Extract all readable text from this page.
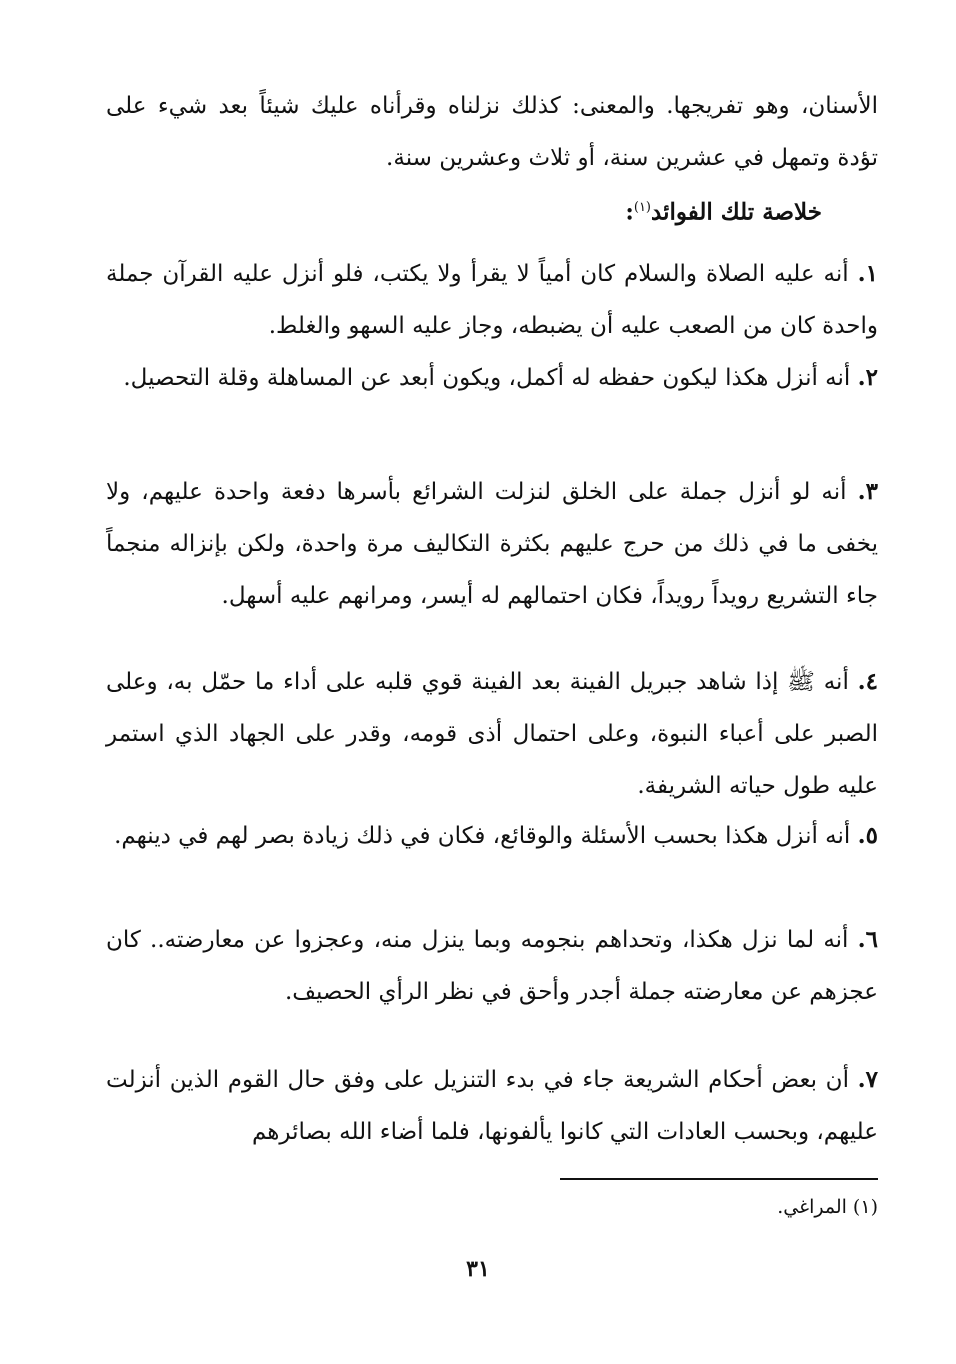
الأسنان، وهو تفريجها. والمعنى: كذلك نزلناه وقرأناه عليك شيئاً بعد شيء على تؤدة وتمهل في عشرين سنة، أو ثلاث وعشرين سنة.
خلاصة تلك الفوائد$^{(١)}$:
١. أنه عليه الصلاة والسلام كان أمياً لا يقرأ ولا يكتب، فلو أنزل عليه القرآن جملة واحدة كان من الصعب عليه أن يضبطه، وجاز عليه السهو والغلط.
٢. أنه أنزل هكذا ليكون حفظه له أكمل، ويكون أبعد عن المساهلة وقلة التحصيل.
٣. أنه لو أنزل جملة على الخلق لنزلت الشرائع بأسرها دفعة واحدة عليهم، ولا يخفى ما في ذلك من حرج عليهم بكثرة التكاليف مرة واحدة، ولكن بإنزاله منجماً جاء التشريع رويداً رويداً، فكان احتمالهم له أيسر، ومرانهم عليه أسهل.
٤. أنه ﷺ إذا شاهد جبريل الفينة بعد الفينة قوي قلبه على أداء ما حمّل به، وعلى الصبر على أعباء النبوة، وعلى احتمال أذى قومه، وقدر على الجهاد الذي استمر عليه طول حياته الشريفة.
٥. أنه أنزل هكذا بحسب الأسئلة والوقائع، فكان في ذلك زيادة بصر لهم في دينهم.
٦. أنه لما نزل هكذا، وتحداهم بنجومه وبما ينزل منه، وعجزوا عن معارضته.. كان عجزهم عن معارضته جملة أجدر وأحق في نظر الرأي الحصيف.
٧. أن بعض أحكام الشريعة جاء في بدء التنزيل على وفق حال القوم الذين أنزلت عليهم، وبحسب العادات التي كانوا يألفونها، فلما أضاء الله بصائرهم
(١) المراغي.
٣١
